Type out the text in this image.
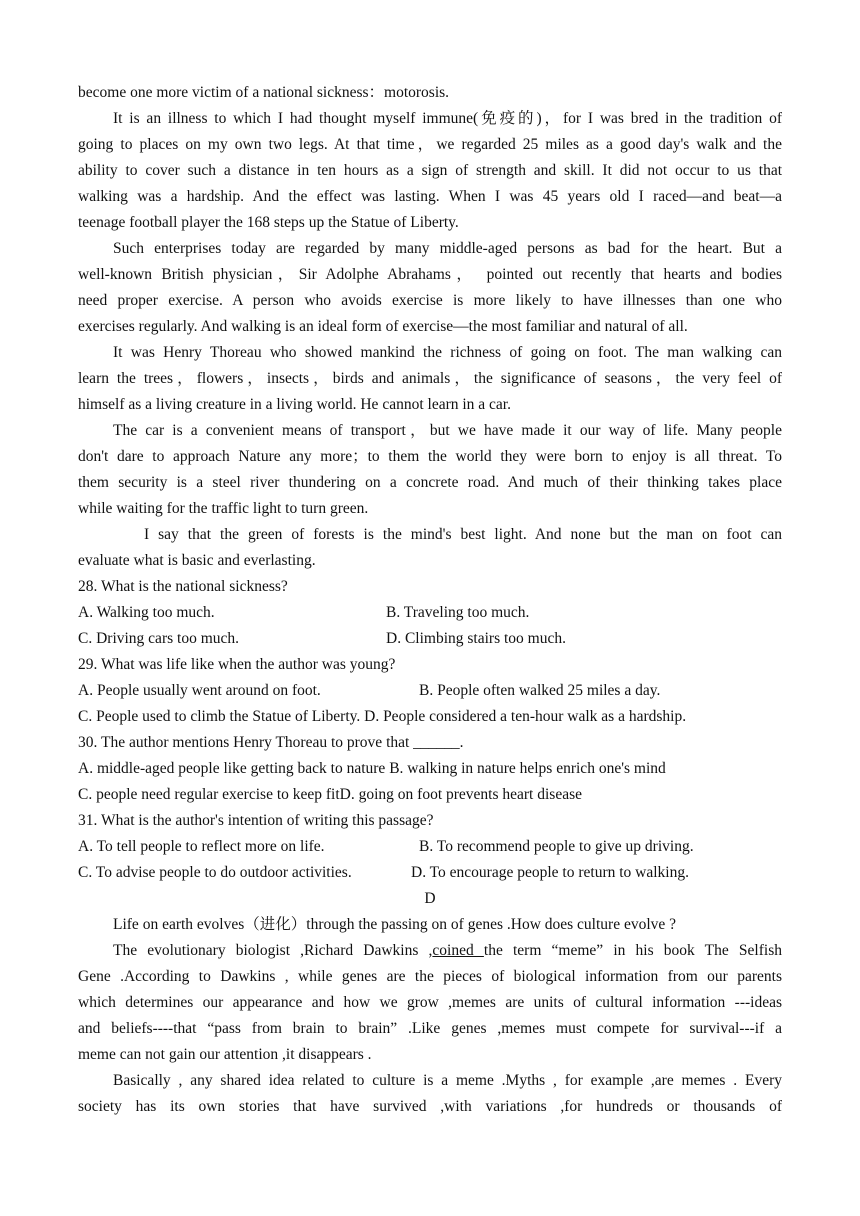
become one more victim of a national sickness：motorosis.
It is an illness to which I had thought myself immune(免疫的)，for I was bred in the tradition of
going to places on my own two legs. At that time，we regarded 25 miles as a good day's walk and the
ability to cover such a distance in ten hours as a sign of strength and skill. It did not occur to us that
walking was a hardship. And the effect was lasting. When I was 45 years old I raced—and beat—a
teenage football player the 168 steps up the Statue of Liberty.
Such enterprises today are regarded by many middle-aged persons as bad for the heart. But a
well-known British physician，Sir Adolphe Abrahams， pointed out recently that hearts and bodies
need proper exercise. A person who avoids exercise is more likely to have illnesses than one who
exercises regularly. And walking is an ideal form of exercise—the most familiar and natural of all.
It was Henry Thoreau who showed mankind the richness of going on foot. The man walking can
learn the trees，flowers，insects，birds and animals，the significance of seasons，the very feel of
himself as a living creature in a living world. He cannot learn in a car.
The car is a convenient means of transport，but we have made it our way of life. Many people
don't dare to approach Nature any more；to them the world they were born to enjoy is all threat. To
them security is a steel river thundering on a concrete road. And much of their thinking takes place
while waiting for the traffic light to turn green.
I say that the green of forests is the mind's best light. And none but the man on foot can
evaluate what is basic and everlasting.
28. What is the national sickness?
A. Walking too much.	B. Traveling too much.
C. Driving cars too much.	D. Climbing stairs too much.
29. What was life like when the author was young?
A. People usually went around on foot.	B. People often walked 25 miles a day.
C. People used to climb the Statue of Liberty. D. People considered a ten-hour walk as a hardship.
30. The author mentions Henry Thoreau to prove that ______.
A. middle-aged people like getting back to nature B. walking in nature helps enrich one's mind
C. people need regular exercise to keep fitD. going on foot prevents heart disease
31. What is the author's intention of writing this passage?
A. To tell people to reflect more on life.	B. To recommend people to give up driving.
C. To advise people to do outdoor activities.	D. To encourage people to return to walking.
D
Life on earth evolves（进化）through the passing on of genes .How does culture evolve ?
The evolutionary biologist ,Richard Dawkins ,coined the term “meme” in his book The Selfish
Gene .According to Dawkins , while genes are the pieces of biological information from our parents
which determines our appearance and how we grow ,memes are units of cultural information ---ideas
and beliefs----that “pass from brain to brain” .Like genes ,memes must compete for survival---if a
meme can not gain our attention ,it disappears .
Basically , any shared idea related to culture is a meme .Myths , for example ,are memes . Every
society has its own stories that have survived ,with variations ,for hundreds or thousands of
